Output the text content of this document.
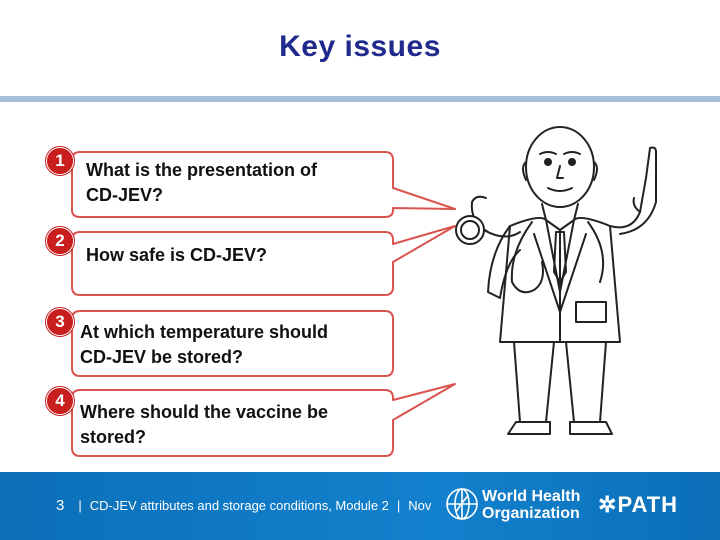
Key issues
1
2
3
4
What is the presentation of
CD-JEV?
How safe is CD-JEV?
At which temperature should
CD-JEV be stored?
Where should the vaccine be
stored?
3 | CD-JEV attributes and storage conditions, Module 2 | Nov
World Health
Organization ✲PATH
